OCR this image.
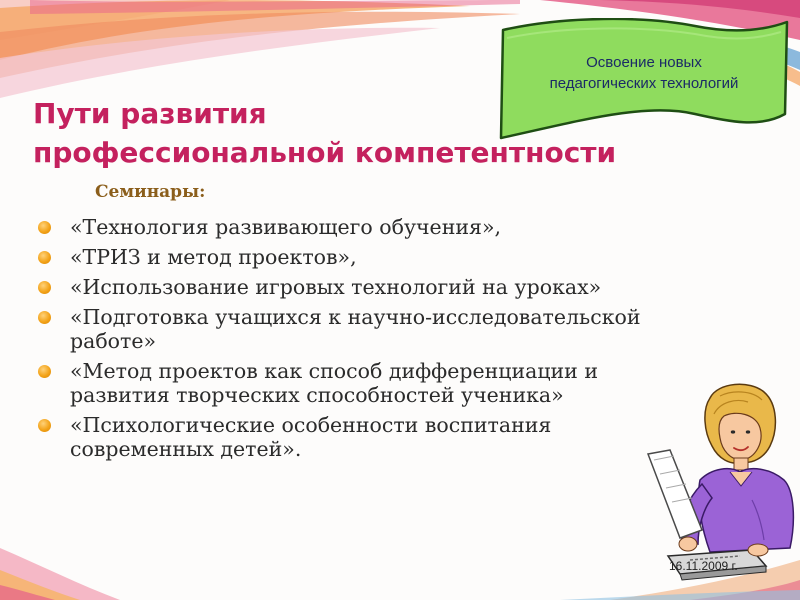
Освоение новых
педагогических технологий
Пути развития
профессиональной компетентности
Семинары:
«Технология развивающего обучения»,
«ТРИЗ и метод проектов»,
«Использование игровых технологий на уроках»
«Подготовка учащихся к научно-исследовательской работе»
«Метод проектов как способ дифференциации и развития творческих способностей ученика»
«Психологические особенности воспитания современных детей».
16.11.2009 г.
